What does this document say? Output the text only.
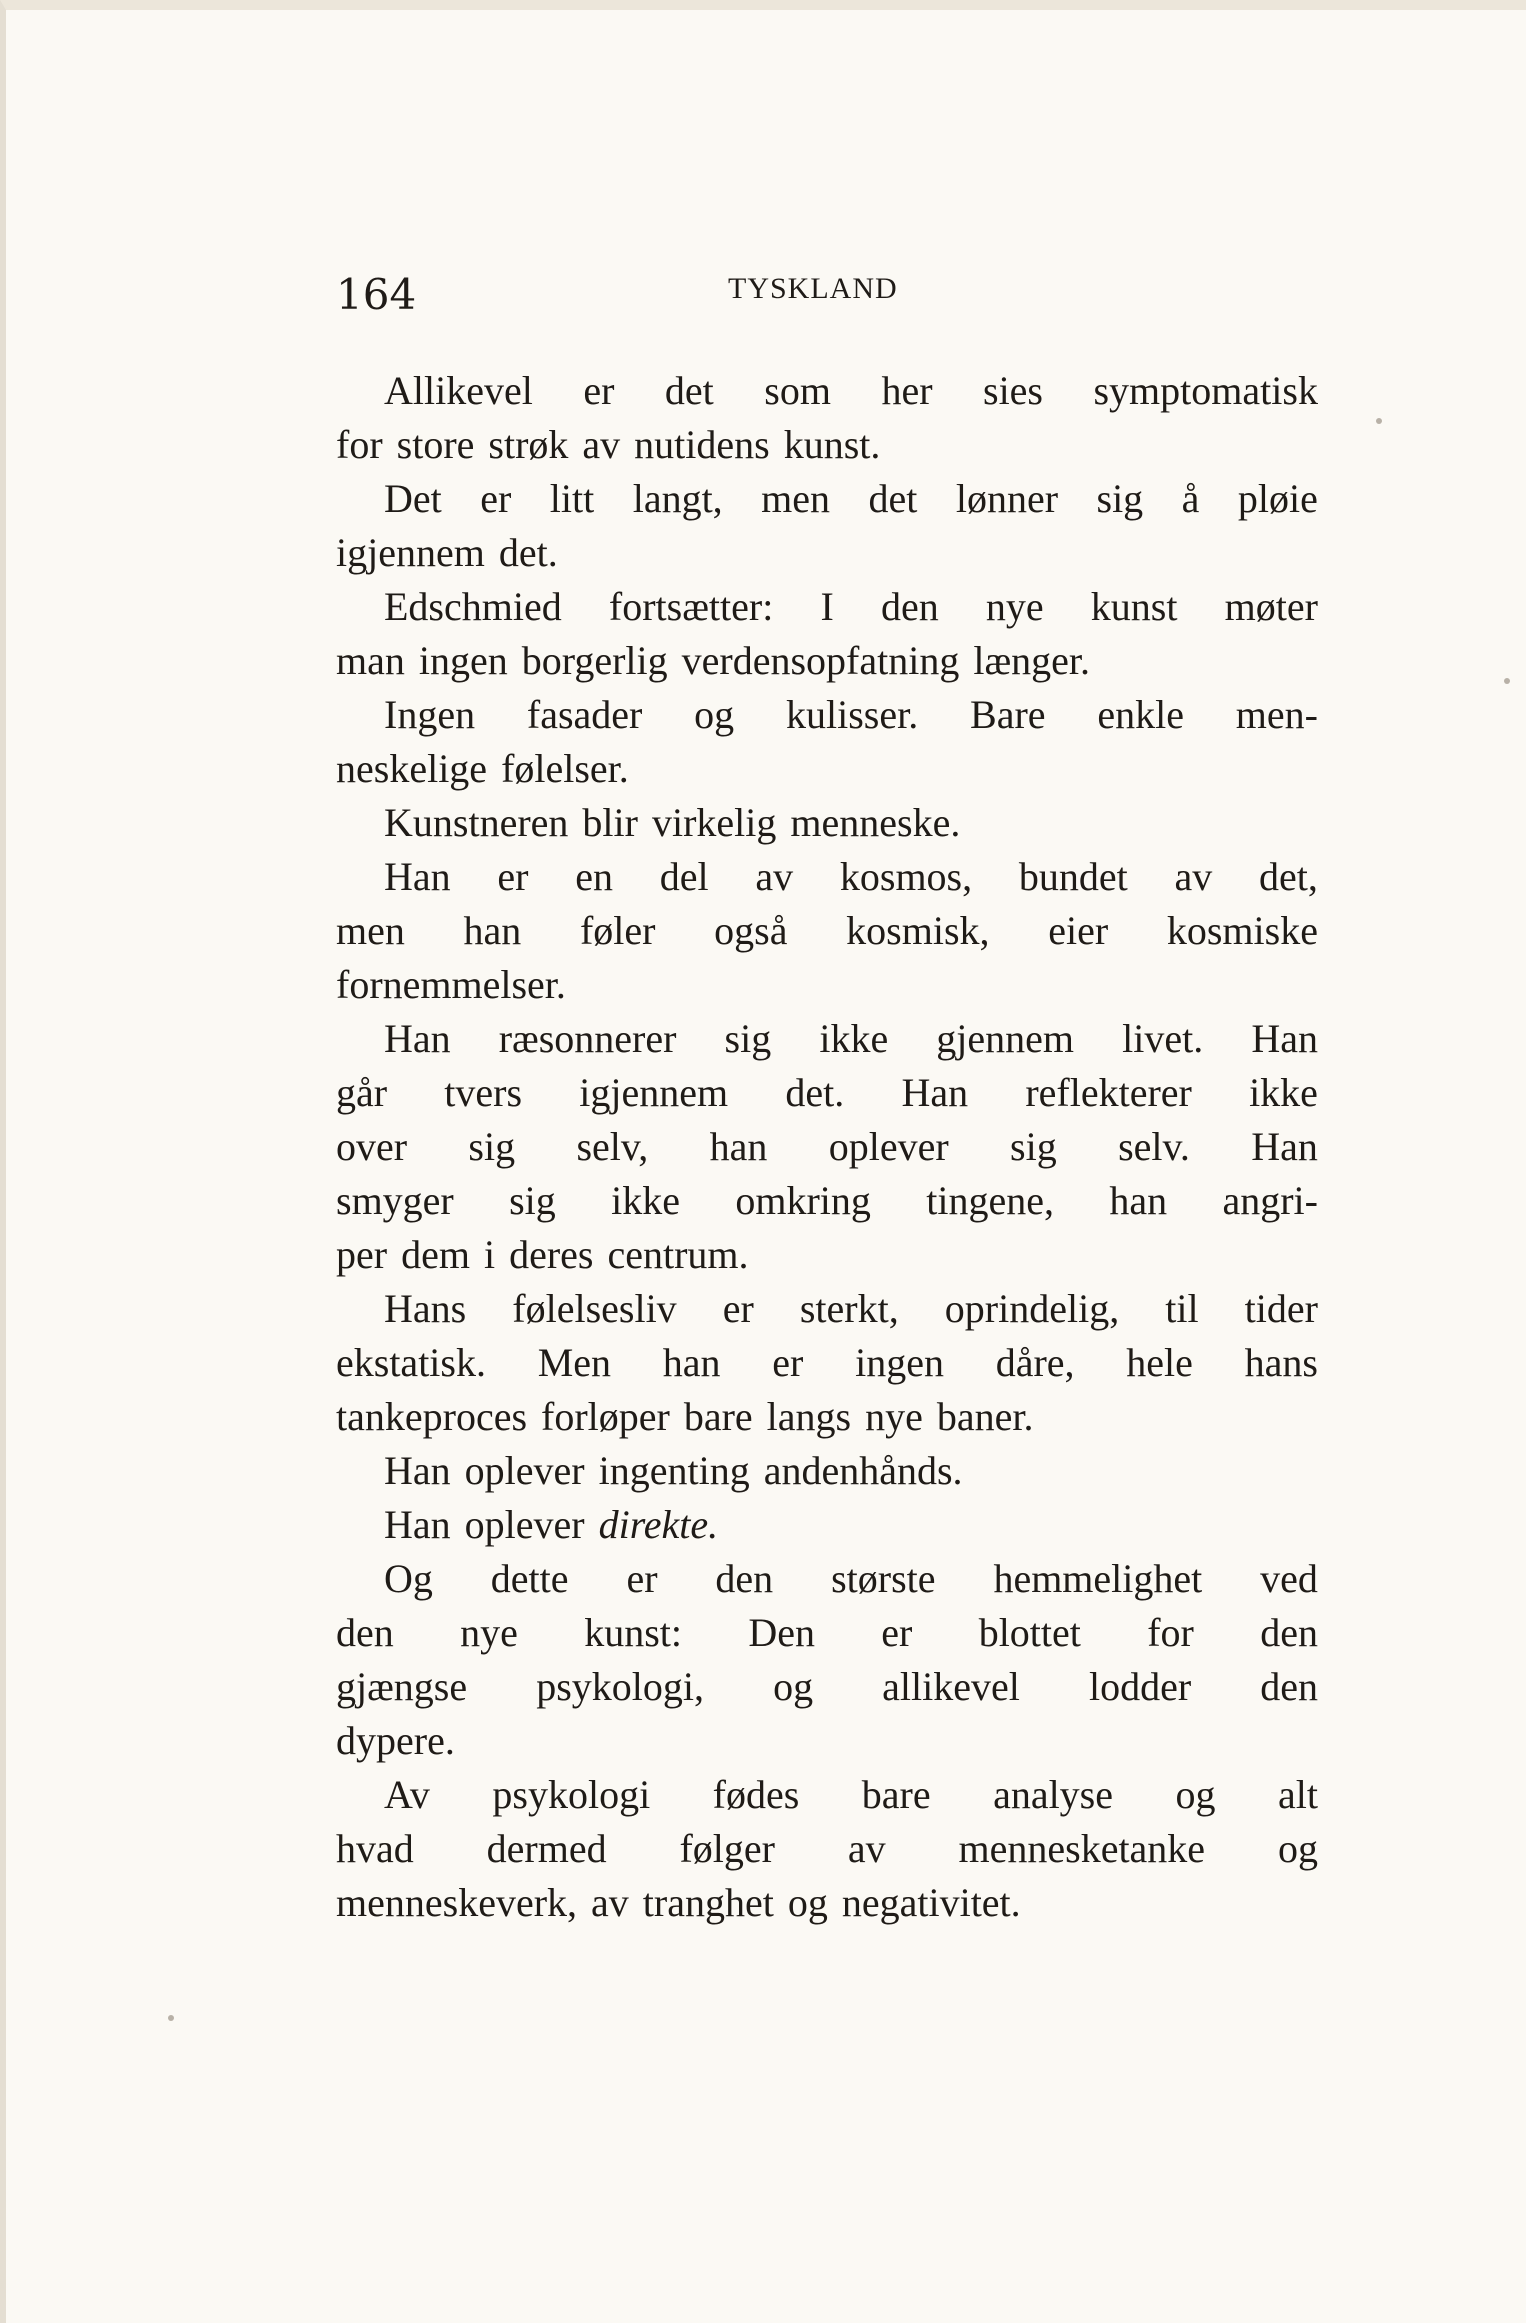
164	TYSKLAND
Allikevel er det som her sies symptomatisk
for
store
strøk
av
nutidens
kunst.
Det er litt langt, men det lønner sig å pløie
igjennem
det.
Edschmied fortsætter: I den nye kunst møter
man
ingen
borgerlig
verdensopfatning
længer.
Ingen fasader og kulisser. Bare enkle men-
neskelige
følelser.
Kunstneren
blir
virkelig
menneske.
Han er en del av kosmos, bundet av det,
men han føler også kosmisk, eier kosmiske
fornemmelser.
Han ræsonnerer sig ikke gjennem livet. Han
går tvers igjennem det. Han reflekterer ikke
over sig selv, han oplever sig selv. Han
smyger sig ikke omkring tingene, han angri-
per
dem
i
deres
centrum.
Hans følelsesliv er sterkt, oprindelig, til tider
ekstatisk. Men han er ingen dåre, hele hans
tankeproces
forløper
bare
langs
nye
baner.
Han
oplever
ingenting
andenhånds.
Han
oplever
direkte.
Og dette er den største hemmelighet ved
den nye kunst: Den er blottet for den
gjængse psykologi, og allikevel lodder den
dypere.
Av psykologi fødes bare analyse og alt
hvad dermed følger av mennesketanke og
menneskeverk,
av
tranghet
og
negativitet.
